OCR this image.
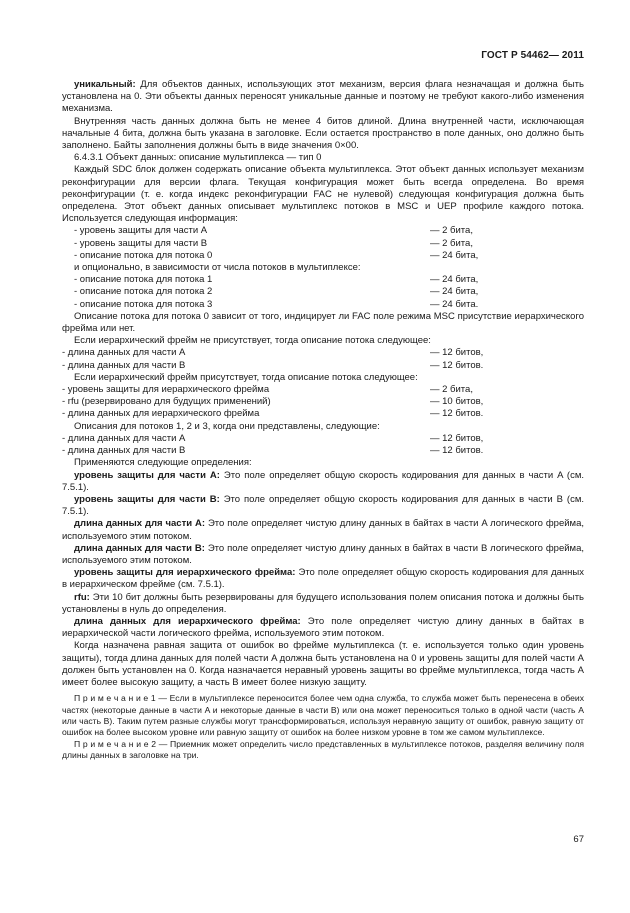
ГОСТ Р 54462— 2011

уникальный: Для объектов данных, использующих этот механизм, версия флага незначащая и должна быть установлена на 0. Эти объекты данных переносят уникальные данные и поэтому не требуют какого-либо изменения механизма.

Внутренняя часть данных должна быть не менее 4 битов длиной. Длина внутренней части, исключающая начальные 4 бита, должна быть указана в заголовке. Если остается пространство в поле данных, оно должно быть заполнено. Байты заполнения должны быть в виде значения 0×00.

6.4.3.1 Объект данных: описание мультиплекса — тип 0

Каждый SDC блок должен содержать описание объекта мультиплекса. Этот объект данных использует механизм реконфигурации для версии флага. Текущая конфигурация может быть всегда определена. Во время реконфигурации (т. е. когда индекс реконфигурации FAC не нулевой) следующая конфигурация должна быть определена. Этот объект данных описывает мультиплекс потоков в MSC и UEP профиле каждого потока. Используется следующая информация:

- уровень защиты для части A	— 2 бита,
- уровень защиты для части B	— 2 бита,
- описание потока для потока 0	— 24 бита,

и опционально, в зависимости от числа потоков в мультиплексе:

- описание потока для потока 1	— 24 бита,
- описание потока для потока 2	— 24 бита,
- описание потока для потока 3	— 24 бита.

Описание потока для потока 0 зависит от того, индицирует ли FAC поле режима MSC присутствие иерархического фрейма или нет.

Если иерархический фрейм не присутствует, тогда описание потока следующее:

- длина данных для части A	— 12 битов,
- длина данных для части B	— 12 битов.

Если иерархический фрейм присутствует, тогда описание потока следующее:

- уровень защиты для иерархического фрейма	— 2 бита,
- rfu (резервировано для будущих применений)	— 10 битов,
- длина данных для иерархического фрейма	— 12 битов.

Описания для потоков 1, 2 и 3, когда они представлены, следующие:

- длина данных для части A	— 12 битов,
- длина данных для части B	— 12 битов.

Применяются следующие определения:

уровень защиты для части A: Это поле определяет общую скорость кодирования для данных в части A (см. 7.5.1).

уровень защиты для части B: Это поле определяет общую скорость кодирования для данных в части B (см. 7.5.1).

длина данных для части A: Это поле определяет чистую длину данных в байтах в части A логического фрейма, используемого этим потоком.

длина данных для части B: Это поле определяет чистую длину данных в байтах в части B логического фрейма, используемого этим потоком.

уровень защиты для иерархического фрейма: Это поле определяет общую скорость кодирования для данных в иерархическом фрейме (см. 7.5.1).

rfu: Эти 10 бит должны быть резервированы для будущего использования полем описания потока и должны быть установлены в нуль до определения.

длина данных для иерархического фрейма: Это поле определяет чистую длину данных в байтах в иерархической части логического фрейма, используемого этим потоком.

Когда назначена равная защита от ошибок во фрейме мультиплекса (т. е. используется только один уровень защиты), тогда длина данных для полей части A должна быть установлена на 0 и уровень защиты для полей части A должен быть установлен на 0. Когда назначается неравный уровень защиты во фрейме мультиплекса, тогда часть A имеет более высокую защиту, а часть B имеет более низкую защиту.

П р и м е ч а н и е 1 — Если в мультиплексе переносится более чем одна служба, то служба может быть перенесена в обеих частях (некоторые данные в части A и некоторые данные в части B) или она может переноситься только в одной части (часть A или часть B). Таким путем разные службы могут трансформироваться, используя неравную защиту от ошибок, равную защиту от ошибок на более высоком уровне или равную защиту от ошибок на более низком уровне в том же самом мультиплексе.

П р и м е ч а н и е 2 — Приемник может определить число представленных в мультиплексе потоков, разделяя величину поля длины данных в заголовке на три.

67
